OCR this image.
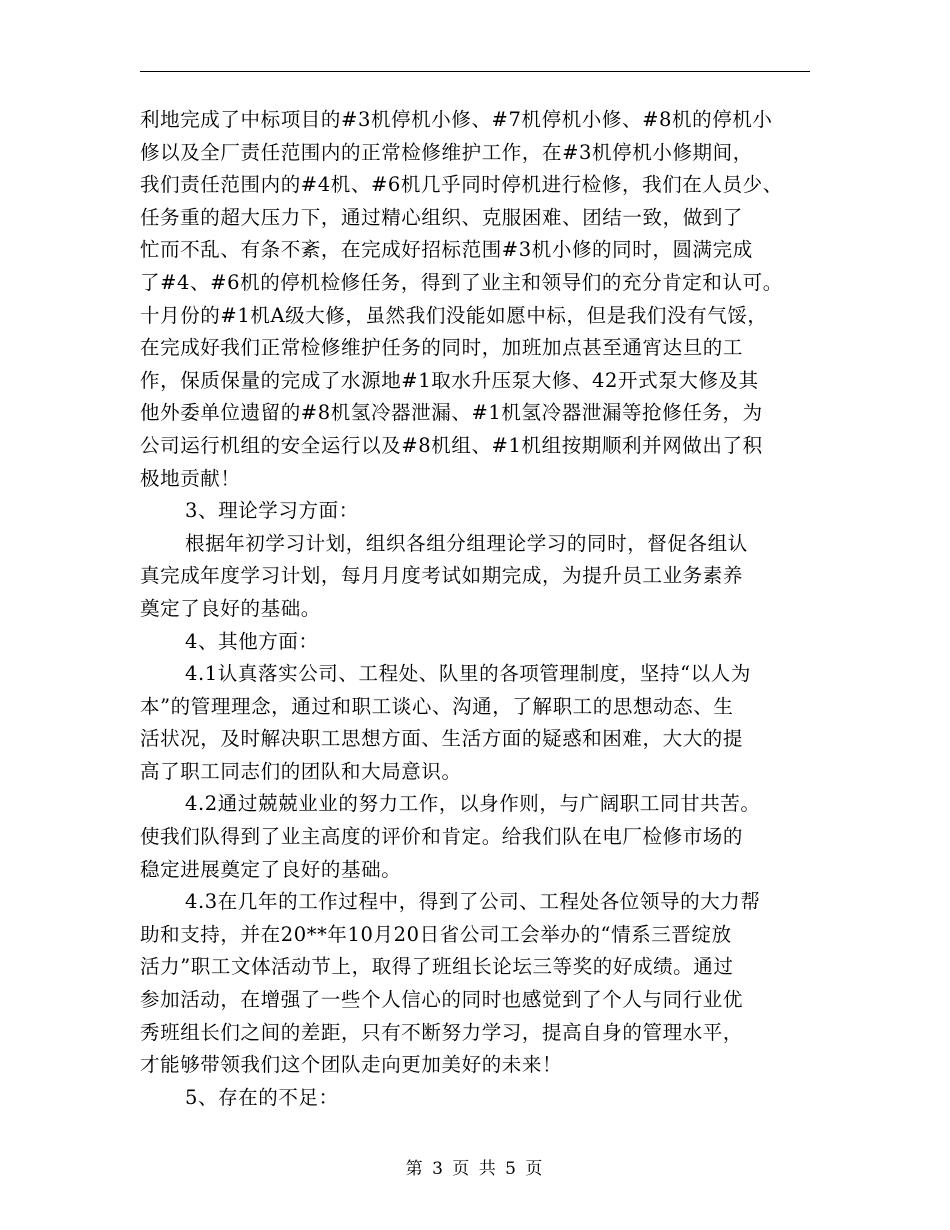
利地完成了中标项目的#3机停机小修、#7机停机小修、#8机的停机小
修以及全厂责任范围内的正常检修维护工作，在#3机停机小修期间，
我们责任范围内的#4机、#6机几乎同时停机进行检修，我们在人员少、
任务重的超大压力下，通过精心组织、克服困难、团结一致，做到了
忙而不乱、有条不紊，在完成好招标范围#3机小修的同时，圆满完成
了#4、#6机的停机检修任务，得到了业主和领导们的充分肯定和认可。
十月份的#1机A级大修，虽然我们没能如愿中标，但是我们没有气馁，
在完成好我们正常检修维护任务的同时，加班加点甚至通宵达旦的工
作，保质保量的完成了水源地#1取水升压泵大修、42开式泵大修及其
他外委单位遗留的#8机氢冷器泄漏、#1机氢冷器泄漏等抢修任务，为
公司运行机组的安全运行以及#8机组、#1机组按期顺利并网做出了积
极地贡献！
3、理论学习方面：
根据年初学习计划，组织各组分组理论学习的同时，督促各组认
真完成年度学习计划，每月月度考试如期完成，为提升员工业务素养
奠定了良好的基础。
4、其他方面：
4.1认真落实公司、工程处、队里的各项管理制度，坚持“以人为
本”的管理理念，通过和职工谈心、沟通，了解职工的思想动态、生
活状况，及时解决职工思想方面、生活方面的疑惑和困难，大大的提
高了职工同志们的团队和大局意识。
4.2通过兢兢业业的努力工作，以身作则，与广阔职工同甘共苦。
使我们队得到了业主高度的评价和肯定。给我们队在电厂检修市场的
稳定进展奠定了良好的基础。
4.3在几年的工作过程中，得到了公司、工程处各位领导的大力帮
助和支持，并在20**年10月20日省公司工会举办的“情系三晋绽放
活力”职工文体活动节上，取得了班组长论坛三等奖的好成绩。通过
参加活动，在增强了一些个人信心的同时也感觉到了个人与同行业优
秀班组长们之间的差距，只有不断努力学习，提高自身的管理水平，
才能够带领我们这个团队走向更加美好的未来！
5、存在的不足：
第 3 页 共 5 页
